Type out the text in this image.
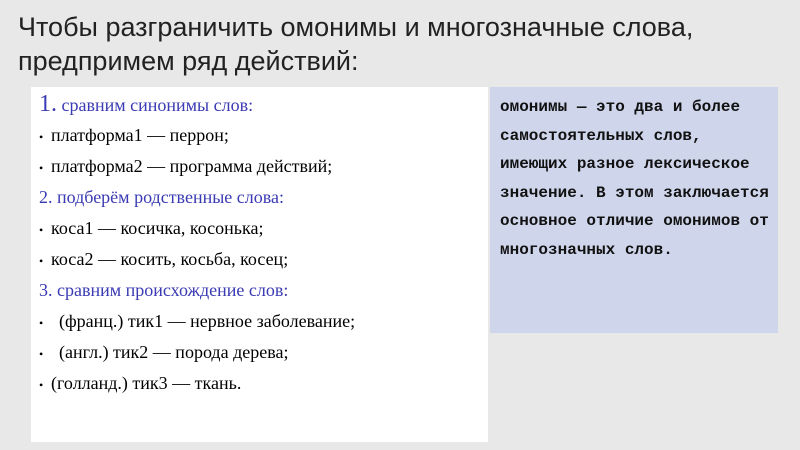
Чтобы разграничить омонимы и многозначные слова, предпримем ряд действий:
1. сравним синонимы слов:
• платформа1 — перрон;
• платформа2 — программа действий;
2. подберём родственные слова:
• коса1 — косичка, косонька;
• коса2 — косить, косьба, косец;
3. сравним происхождение слов:
• (франц.) тик1 — нервное заболевание;
• (англ.) тик2 — порода дерева;
• (голланд.) тик3 — ткань.
омонимы — это два и более самостоятельных слов, имеющих разное лексическое значение. В этом заключается основное отличие омонимов от многозначных слов.
